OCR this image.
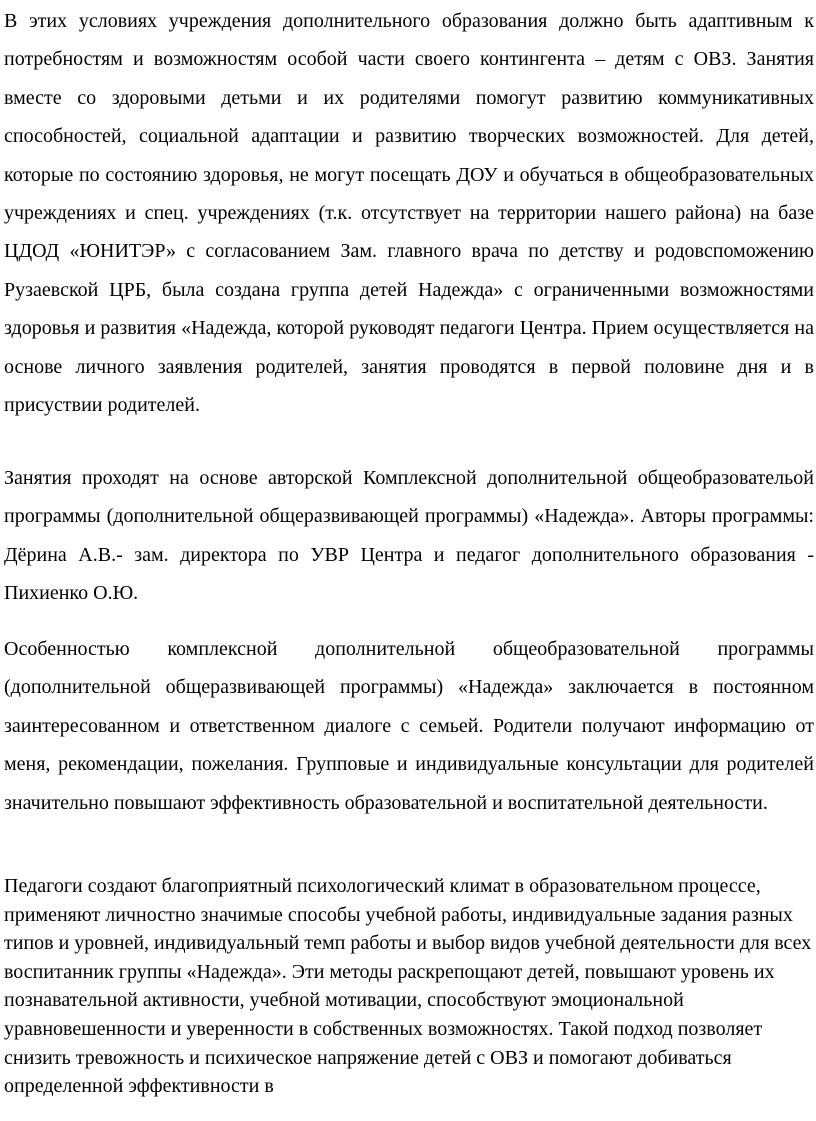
В этих условиях учреждения дополнительного образования должно быть адаптивным к потребностям и возможностям особой части своего контингента – детям с ОВЗ. Занятия вместе со здоровыми детьми и их родителями помогут развитию коммуникативных способностей, социальной адаптации и развитию творческих возможностей. Для детей, которые по состоянию здоровья, не могут посещать ДОУ и обучаться в общеобразовательных учреждениях и спец. учреждениях (т.к. отсутствует на территории нашего района) на базе ЦДОД «ЮНИТЭР» с согласованием Зам. главного врача по детству и родовспоможению Рузаевской ЦРБ, была создана группа детей Надежда» с ограниченными возможностями здоровья и развития «Надежда, которой руководят педагоги Центра. Прием осуществляется на основе личного заявления родителей, занятия проводятся в первой половине дня и в присуствии родителей.

Занятия проходят на основе авторской Комплексной дополнительной общеобразовательой программы (дополнительной общеразвивающей программы) «Надежда». Авторы программы: Дёрина А.В.- зам. директора по УВР Центра и педагог дополнительного образования - Пихиенко О.Ю.

Особенностью комплексной дополнительной общеобразовательной программы (дополнительной общеразвивающей программы) «Надежда» заключается в постоянном заинтересованном и ответственном диалоге с семьей. Родители получают информацию от меня, рекомендации, пожелания. Групповые и индивидуальные консультации для родителей значительно повышают эффективность образовательной и воспитательной деятельности.

Педагоги создают благоприятный психологический климат в образовательном процессе, применяют личностно значимые способы учебной работы, индивидуальные задания разных типов и уровней, индивидуальный темп работы и выбор видов учебной деятельности для всех воспитанник группы «Надежда». Эти методы раскрепощают детей, повышают уровень их познавательной активности, учебной мотивации, способствуют эмоциональной уравновешенности и уверенности в собственных возможностях. Такой подход позволяет снизить тревожность и психическое напряжение детей с ОВЗ и помогают добиваться определенной эффективности в
